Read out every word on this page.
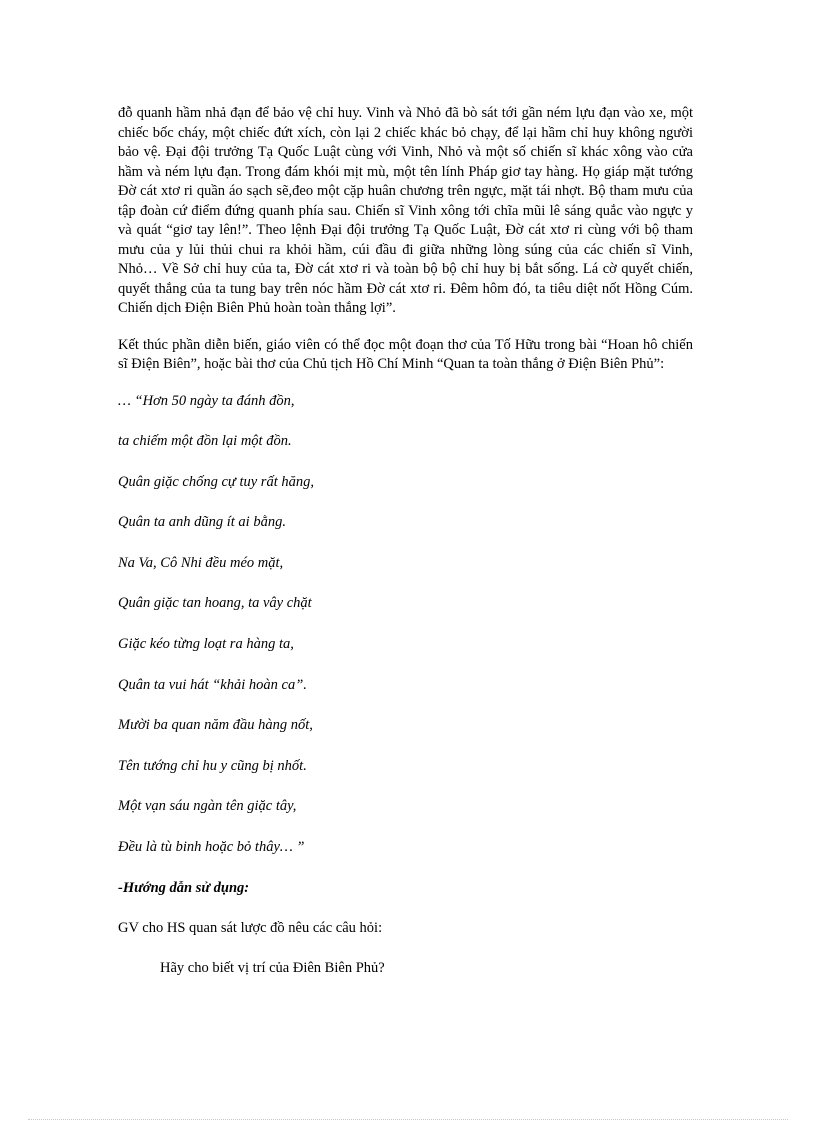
đỗ quanh hầm nhả đạn để bảo vệ chỉ huy. Vinh và Nhỏ đã bò sát tới gần ném lựu đạn vào xe, một chiếc bốc cháy, một chiếc đứt xích, còn lại 2 chiếc khác bỏ chạy, để lại hầm chỉ huy không người bảo vệ. Đại đội trưởng Tạ Quốc Luật cùng với Vinh, Nhỏ và một số chiến sĩ khác xông vào cửa hầm và ném lựu đạn. Trong đám khói mịt mù, một tên lính Pháp giơ tay hàng. Họ giáp mặt tướng Đờ cát xtơ ri quần áo sạch sẽ,đeo một cặp huân chương trên ngực, mặt tái nhợt. Bộ tham mưu của tập đoàn cứ điểm đứng quanh phía sau. Chiến sĩ Vinh xông tới chĩa mũi lê sáng quắc vào ngực y và quát “giơ tay lên!”. Theo lệnh Đại đội trưởng Tạ Quốc Luật, Đờ cát xtơ ri cùng với bộ tham mưu của y lủi thủi chui ra khỏi hầm, cúi đầu đi giữa những lòng súng của các chiến sĩ Vinh, Nhỏ… Về Sở chỉ huy của ta, Đờ cát xtơ ri và toàn bộ bộ chỉ huy bị bắt sống. Lá cờ quyết chiến, quyết thắng của ta tung bay trên nóc hầm Đờ cát xtơ ri. Đêm hôm đó, ta tiêu diệt nốt Hồng Cúm. Chiến dịch Điện Biên Phủ hoàn toàn thắng lợi”.

Kết thúc phần diễn biến, giáo viên có thể đọc một đoạn thơ của Tố Hữu trong bài “Hoan hô chiến sĩ Điện Biên”, hoặc bài thơ của Chủ tịch Hồ Chí Minh “Quan ta toàn thắng ở Điện Biên Phủ”:

… “Hơn 50 ngày ta đánh đồn,
ta chiếm một đồn lại một đồn.
Quân giặc chống cự tuy rất hăng,
Quân ta anh dũng ít ai bằng.
Na Va, Cô Nhi đều méo mặt,
Quân giặc tan hoang, ta vây chặt
Giặc kéo từng loạt ra hàng ta,
Quân ta vui hát “khải hoàn ca”.
Mười ba quan năm đầu hàng nốt,
Tên tướng chỉ hu y cũng bị nhốt.
Một vạn sáu ngàn tên giặc tây,
Đều là tù binh hoặc bỏ thây… ”

-Hướng dẫn sử dụng:

GV cho HS quan sát lược đồ nêu các câu hỏi:

Hãy cho biết vị trí của Điên Biên Phủ?
